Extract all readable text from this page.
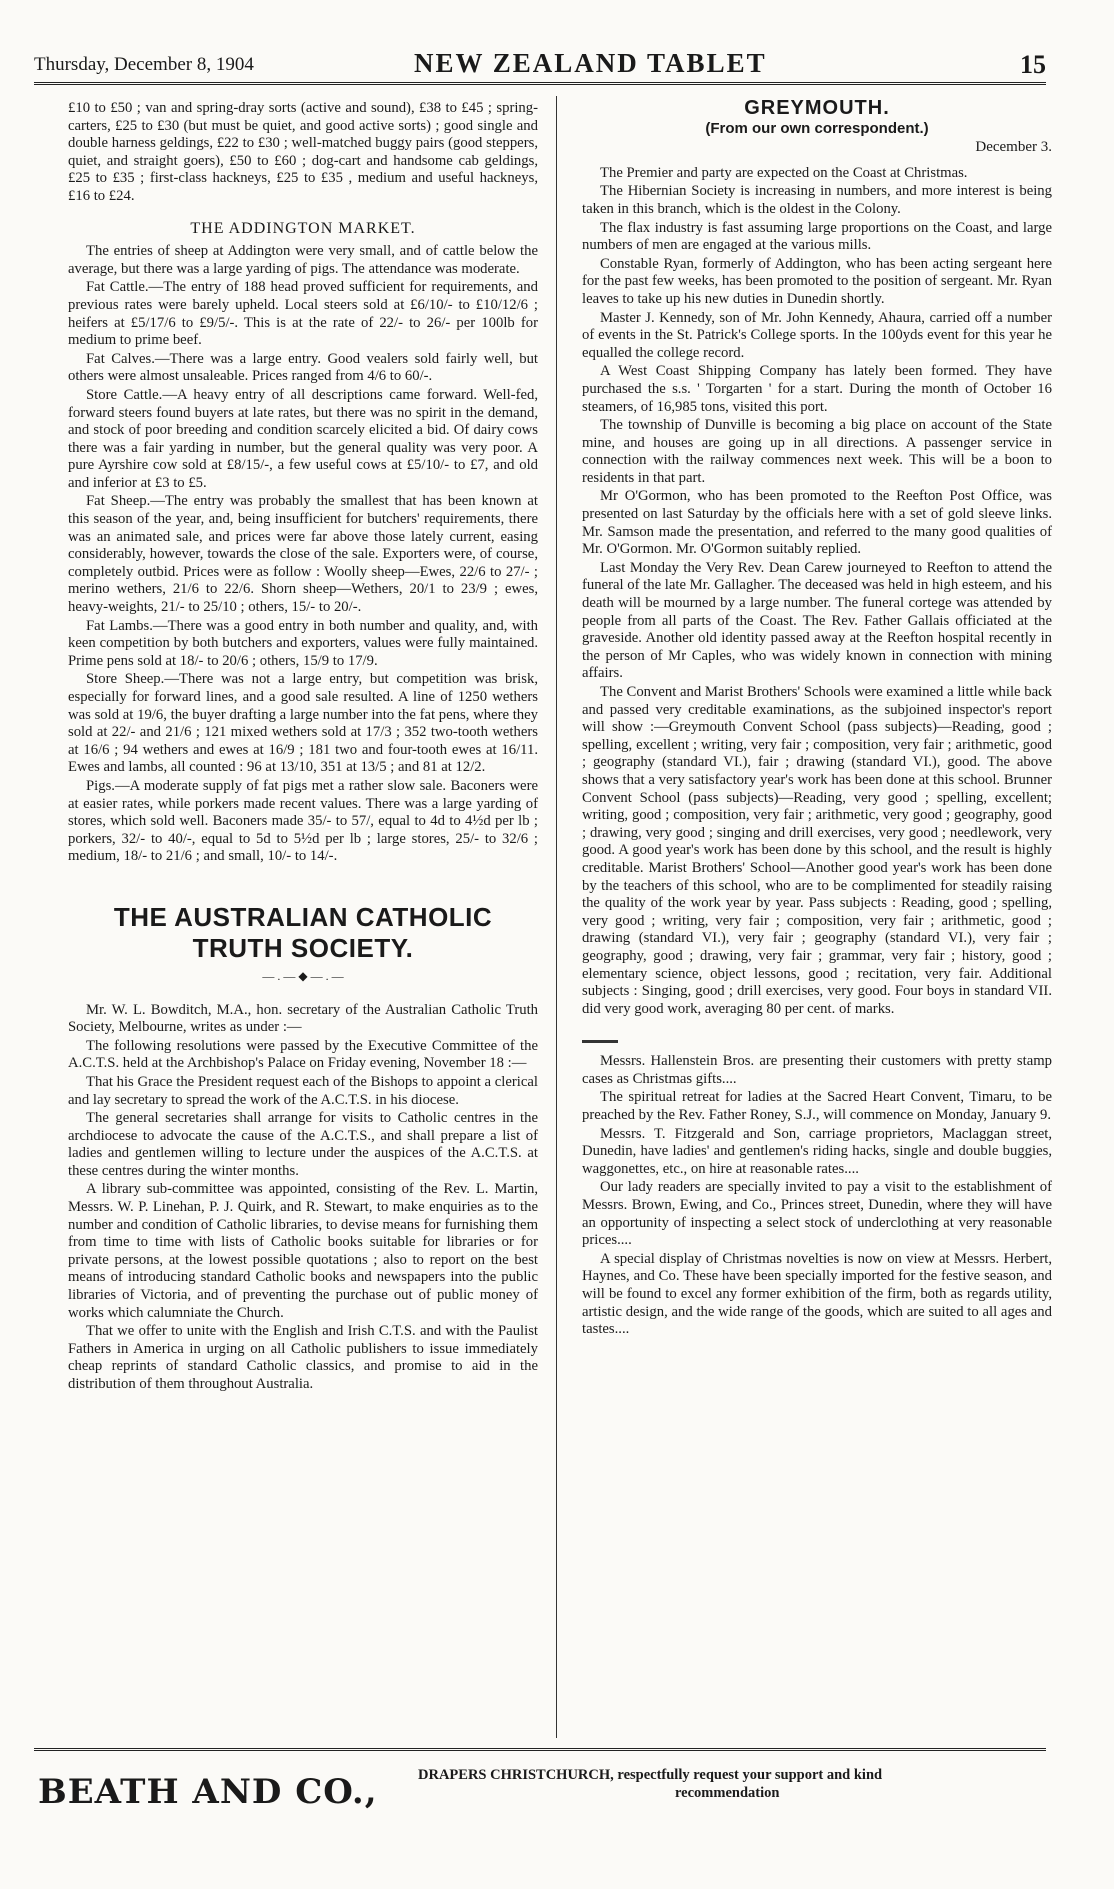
Thursday, December 8, 1904	NEW ZEALAND TABLET	15

£10 to £50 ; van and spring-dray sorts (active and sound), £38 to £45 ; spring-carters, £25 to £30 (but must be quiet, and good active sorts) ; good single and double harness geldings, £22 to £30 ; well-matched buggy pairs (good steppers, quiet, and straight goers), £50 to £60 ; dog-cart and handsome cab geldings, £25 to £35 ; first-class hackneys, £25 to £35 , medium and useful hackneys, £16 to £24.

THE ADDINGTON MARKET.

The entries of sheep at Addington were very small, and of cattle below the average, but there was a large yarding of pigs. The attendance was moderate.

Fat Cattle.—The entry of 188 head proved sufficient for requirements, and previous rates were barely upheld. Local steers sold at £6/10/- to £10/12/6 ; heifers at £5/17/6 to £9/5/-. This is at the rate of 22/- to 26/- per 100lb for medium to prime beef.

Fat Calves.—There was a large entry. Good vealers sold fairly well, but others were almost unsaleable. Prices ranged from 4/6 to 60/-.

Store Cattle.—A heavy entry of all descriptions came forward. Well-fed, forward steers found buyers at late rates, but there was no spirit in the demand, and stock of poor breeding and condition scarcely elicited a bid. Of dairy cows there was a fair yarding in number, but the general quality was very poor. A pure Ayrshire cow sold at £8/15/-, a few useful cows at £5/10/- to £7, and old and inferior at £3 to £5.

Fat Sheep.—The entry was probably the smallest that has been known at this season of the year, and, being insufficient for butchers' requirements, there was an animated sale, and prices were far above those lately current, easing considerably, however, towards the close of the sale. Exporters were, of course, completely outbid. Prices were as follow : Woolly sheep—Ewes, 22/6 to 27/- ; merino wethers, 21/6 to 22/6. Shorn sheep—Wethers, 20/1 to 23/9 ; ewes, heavy-weights, 21/- to 25/10 ; others, 15/- to 20/-.

Fat Lambs.—There was a good entry in both number and quality, and, with keen competition by both butchers and exporters, values were fully maintained. Prime pens sold at 18/- to 20/6 ; others, 15/9 to 17/9.

Store Sheep.—There was not a large entry, but competition was brisk, especially for forward lines, and a good sale resulted. A line of 1250 wethers was sold at 19/6, the buyer drafting a large number into the fat pens, where they sold at 22/- and 21/6 ; 121 mixed wethers sold at 17/3 ; 352 two-tooth wethers at 16/6 ; 94 wethers and ewes at 16/9 ; 181 two and four-tooth ewes at 16/11. Ewes and lambs, all counted : 96 at 13/10, 351 at 13/5 ; and 81 at 12/2.

Pigs.—A moderate supply of fat pigs met a rather slow sale. Baconers were at easier rates, while porkers made recent values. There was a large yarding of stores, which sold well. Baconers made 35/- to 57/, equal to 4d to 4½d per lb ; porkers, 32/- to 40/-, equal to 5d to 5½d per lb ; large stores, 25/- to 32/6 ; medium, 18/- to 21/6 ; and small, 10/- to 14/-.

THE AUSTRALIAN CATHOLIC TRUTH SOCIETY.
— . — ◆ — . —

Mr. W. L. Bowditch, M.A., hon. secretary of the Australian Catholic Truth Society, Melbourne, writes as under :—

The following resolutions were passed by the Executive Committee of the A.C.T.S. held at the Archbishop's Palace on Friday evening, November 18 :—

That his Grace the President request each of the Bishops to appoint a clerical and lay secretary to spread the work of the A.C.T.S. in his diocese.

The general secretaries shall arrange for visits to Catholic centres in the archdiocese to advocate the cause of the A.C.T.S., and shall prepare a list of ladies and gentlemen willing to lecture under the auspices of the A.C.T.S. at these centres during the winter months.

A library sub-committee was appointed, consisting of the Rev. L. Martin, Messrs. W. P. Linehan, P. J. Quirk, and R. Stewart, to make enquiries as to the number and condition of Catholic libraries, to devise means for furnishing them from time to time with lists of Catholic books suitable for libraries or for private persons, at the lowest possible quotations ; also to report on the best means of introducing standard Catholic books and newspapers into the public libraries of Victoria, and of preventing the purchase out of public money of works which calumniate the Church.

That we offer to unite with the English and Irish C.T.S. and with the Paulist Fathers in America in urging on all Catholic publishers to issue immediately cheap reprints of standard Catholic classics, and promise to aid in the distribution of them throughout Australia.

GREYMOUTH.
(From our own correspondent.)
December 3.

The Premier and party are expected on the Coast at Christmas.

The Hibernian Society is increasing in numbers, and more interest is being taken in this branch, which is the oldest in the Colony.

The flax industry is fast assuming large proportions on the Coast, and large numbers of men are engaged at the various mills.

Constable Ryan, formerly of Addington, who has been acting sergeant here for the past few weeks, has been promoted to the position of sergeant. Mr. Ryan leaves to take up his new duties in Dunedin shortly.

Master J. Kennedy, son of Mr. John Kennedy, Ahaura, carried off a number of events in the St. Patrick's College sports. In the 100yds event for this year he equalled the college record.

A West Coast Shipping Company has lately been formed. They have purchased the s.s. ' Torgarten ' for a start. During the month of October 16 steamers, of 16,985 tons, visited this port.

The township of Dunville is becoming a big place on account of the State mine, and houses are going up in all directions. A passenger service in connection with the railway commences next week. This will be a boon to residents in that part.

Mr O'Gormon, who has been promoted to the Reefton Post Office, was presented on last Saturday by the officials here with a set of gold sleeve links. Mr. Samson made the presentation, and referred to the many good qualities of Mr. O'Gormon. Mr. O'Gormon suitably replied.

Last Monday the Very Rev. Dean Carew journeyed to Reefton to attend the funeral of the late Mr. Gallagher. The deceased was held in high esteem, and his death will be mourned by a large number. The funeral cortege was attended by people from all parts of the Coast. The Rev. Father Gallais officiated at the graveside. Another old identity passed away at the Reefton hospital recently in the person of Mr Caples, who was widely known in connection with mining affairs.

The Convent and Marist Brothers' Schools were examined a little while back and passed very creditable examinations, as the subjoined inspector's report will show :—Greymouth Convent School (pass subjects)—Reading, good ; spelling, excellent ; writing, very fair ; composition, very fair ; arithmetic, good ; geography (standard VI.), fair ; drawing (standard VI.), good. The above shows that a very satisfactory year's work has been done at this school. Brunner Convent School (pass subjects)—Reading, very good ; spelling, excellent; writing, good ; composition, very fair ; arithmetic, very good ; geography, good ; drawing, very good ; singing and drill exercises, very good ; needlework, very good. A good year's work has been done by this school, and the result is highly creditable. Marist Brothers' School—Another good year's work has been done by the teachers of this school, who are to be complimented for steadily raising the quality of the work year by year. Pass subjects : Reading, good ; spelling, very good ; writing, very fair ; composition, very fair ; arithmetic, good ; drawing (standard VI.), very fair ; geography (standard VI.), very fair ; geography, good ; drawing, very fair ; grammar, very fair ; history, good ; elementary science, object lessons, good ; recitation, very fair. Additional subjects : Singing, good ; drill exercises, very good. Four boys in standard VII. did very good work, averaging 80 per cent. of marks.

Messrs. Hallenstein Bros. are presenting their customers with pretty stamp cases as Christmas gifts....

The spiritual retreat for ladies at the Sacred Heart Convent, Timaru, to be preached by the Rev. Father Roney, S.J., will commence on Monday, January 9.

Messrs. T. Fitzgerald and Son, carriage proprietors, Maclaggan street, Dunedin, have ladies' and gentlemen's riding hacks, single and double buggies, waggonettes, etc., on hire at reasonable rates....

Our lady readers are specially invited to pay a visit to the establishment of Messrs. Brown, Ewing, and Co., Princes street, Dunedin, where they will have an opportunity of inspecting a select stock of underclothing at very reasonable prices....

A special display of Christmas novelties is now on view at Messrs. Herbert, Haynes, and Co. These have been specially imported for the festive season, and will be found to excel any former exhibition of the firm, both as regards utility, artistic design, and the wide range of the goods, which are suited to all ages and tastes....

BEATH AND CO.,	DRAPERS CHRISTCHURCH, respectfully request your support and kind
recommendation
